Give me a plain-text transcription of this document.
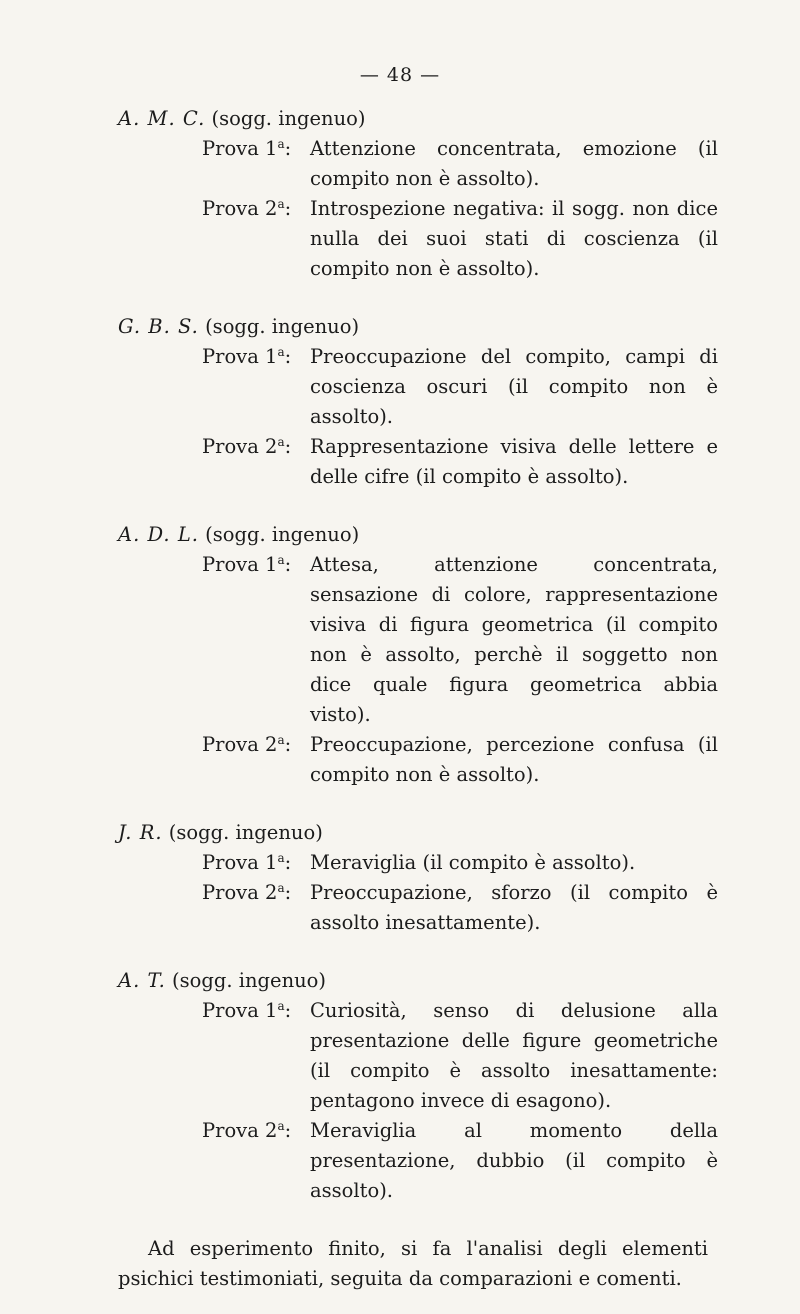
— 48 —
A. M. C. (sogg. ingenuo)
Prova 1$^a$: Attenzione concentrata, emozione (il compito non è assolto).
Prova 2$^a$: Introspezione negativa: il sogg. non dice nulla dei suoi stati di coscienza (il compito non è assolto).
G. B. S. (sogg. ingenuo)
Prova 1$^a$: Preoccupazione del compito, campi di coscienza oscuri (il compito non è assolto).
Prova 2$^a$: Rappresentazione visiva delle lettere e delle cifre (il compito è assolto).
A. D. L. (sogg. ingenuo)
Prova 1$^a$: Attesa, attenzione concentrata, sensazione di colore, rappresentazione visiva di figura geometrica (il compito non è assolto, perchè il soggetto non dice quale figura geometrica abbia visto).
Prova 2$^a$: Preoccupazione, percezione confusa (il compito non è assolto).
J. R. (sogg. ingenuo)
Prova 1$^a$: Meraviglia (il compito è assolto).
Prova 2$^a$: Preoccupazione, sforzo (il compito è assolto inesattamente).
A. T. (sogg. ingenuo)
Prova 1$^a$: Curiosità, senso di delusione alla presentazione delle figure geometriche (il compito è assolto inesattamente: pentagono invece di esagono).
Prova 2$^a$: Meraviglia al momento della presentazione, dubbio (il compito è assolto).

Ad esperimento finito, si fa l'analisi degli elementi psichici testimoniati, seguita da comparazioni e comenti.
